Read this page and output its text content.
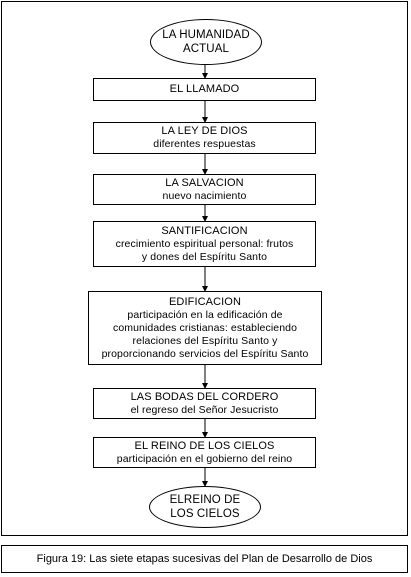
LA HUMANIDAD
ACTUAL
EL LLAMADO
LA LEY DE DIOS
diferentes respuestas
LA SALVACION
nuevo nacimiento
SANTIFICACION
crecimiento espiritual personal: frutos
y dones del Espíritu Santo
EDIFICACION
participación en la edificación de
comunidades cristianas: estableciendo
relaciones del Espíritu Santo y
proporcionando servicios del Espíritu Santo
LAS BODAS DEL CORDERO
el regreso del Señor Jesucristo
EL REINO DE LOS CIELOS
participación en el gobierno del reino
ELREINO DE
LOS CIELOS
Figura 19: Las siete etapas sucesivas del Plan de Desarrollo de Dios
